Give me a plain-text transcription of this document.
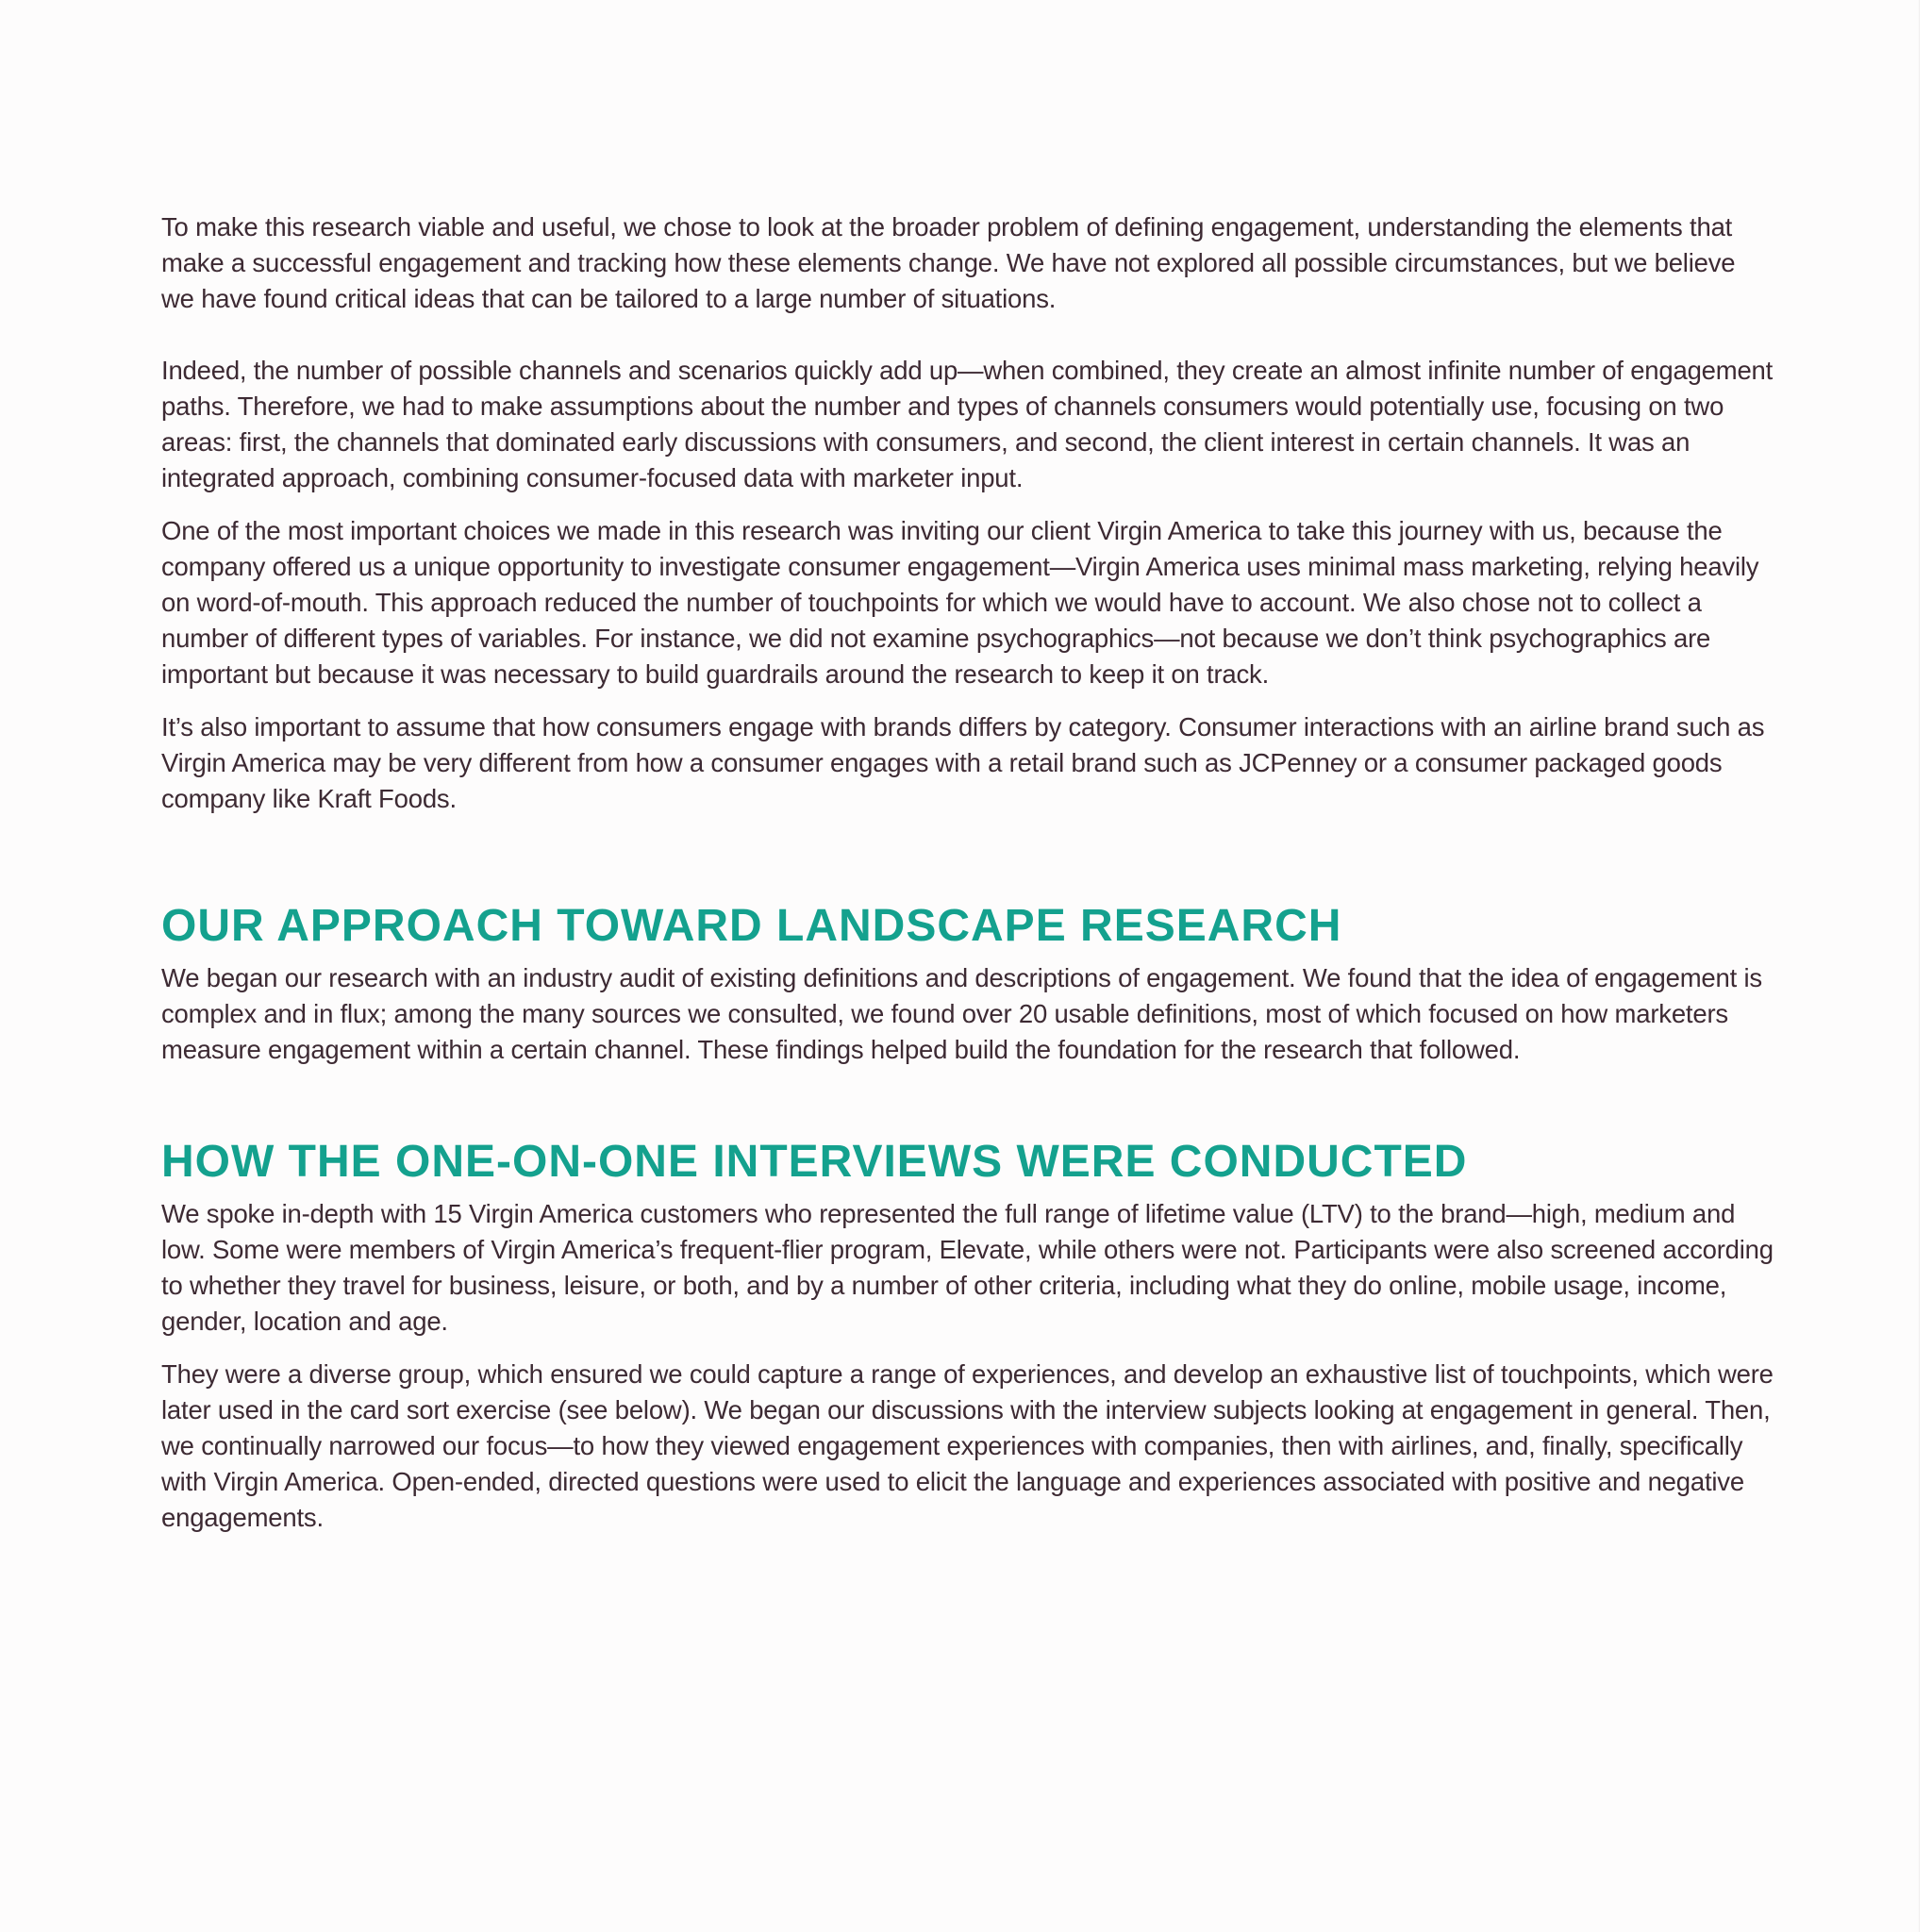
To make this research viable and useful, we chose to look at the broader problem of defining engagement, understanding the elements that make a successful engagement and tracking how these elements change. We have not explored all possible circumstances, but we believe we have found critical ideas that can be tailored to a large number of situations.

Indeed, the number of possible channels and scenarios quickly add up—when combined, they create an almost infinite number of engagement paths. Therefore, we had to make assumptions about the number and types of channels consumers would potentially use, focusing on two areas: first, the channels that dominated early discussions with consumers, and second, the client interest in certain channels. It was an integrated approach, combining consumer-focused data with marketer input.

One of the most important choices we made in this research was inviting our client Virgin America to take this journey with us, because the company offered us a unique opportunity to investigate consumer engagement—Virgin America uses minimal mass marketing, relying heavily on word-of-mouth. This approach reduced the number of touchpoints for which we would have to account. We also chose not to collect a number of different types of variables. For instance, we did not examine psychographics—not because we don’t think psychographics are important but because it was necessary to build guardrails around the research to keep it on track.

It’s also important to assume that how consumers engage with brands differs by category. Consumer interactions with an airline brand such as Virgin America may be very different from how a consumer engages with a retail brand such as JCPenney or a consumer packaged goods company like Kraft Foods.

OUR APPROACH TOWARD LANDSCAPE RESEARCH

We began our research with an industry audit of existing definitions and descriptions of engagement. We found that the idea of engagement is complex and in flux; among the many sources we consulted, we found over 20 usable definitions, most of which focused on how marketers measure engagement within a certain channel. These findings helped build the foundation for the research that followed.

HOW THE ONE-ON-ONE INTERVIEWS WERE CONDUCTED

We spoke in-depth with 15 Virgin America customers who represented the full range of lifetime value (LTV) to the brand—high, medium and low. Some were members of Virgin America’s frequent-flier program, Elevate, while others were not. Participants were also screened according to whether they travel for business, leisure, or both, and by a number of other criteria, including what they do online, mobile usage, income, gender, location and age.

They were a diverse group, which ensured we could capture a range of experiences, and develop an exhaustive list of touchpoints, which were later used in the card sort exercise (see below). We began our discussions with the interview subjects looking at engagement in general. Then, we continually narrowed our focus—to how they viewed engagement experiences with companies, then with airlines, and, finally, specifically with Virgin America. Open-ended, directed questions were used to elicit the language and experiences associated with positive and negative engagements.
